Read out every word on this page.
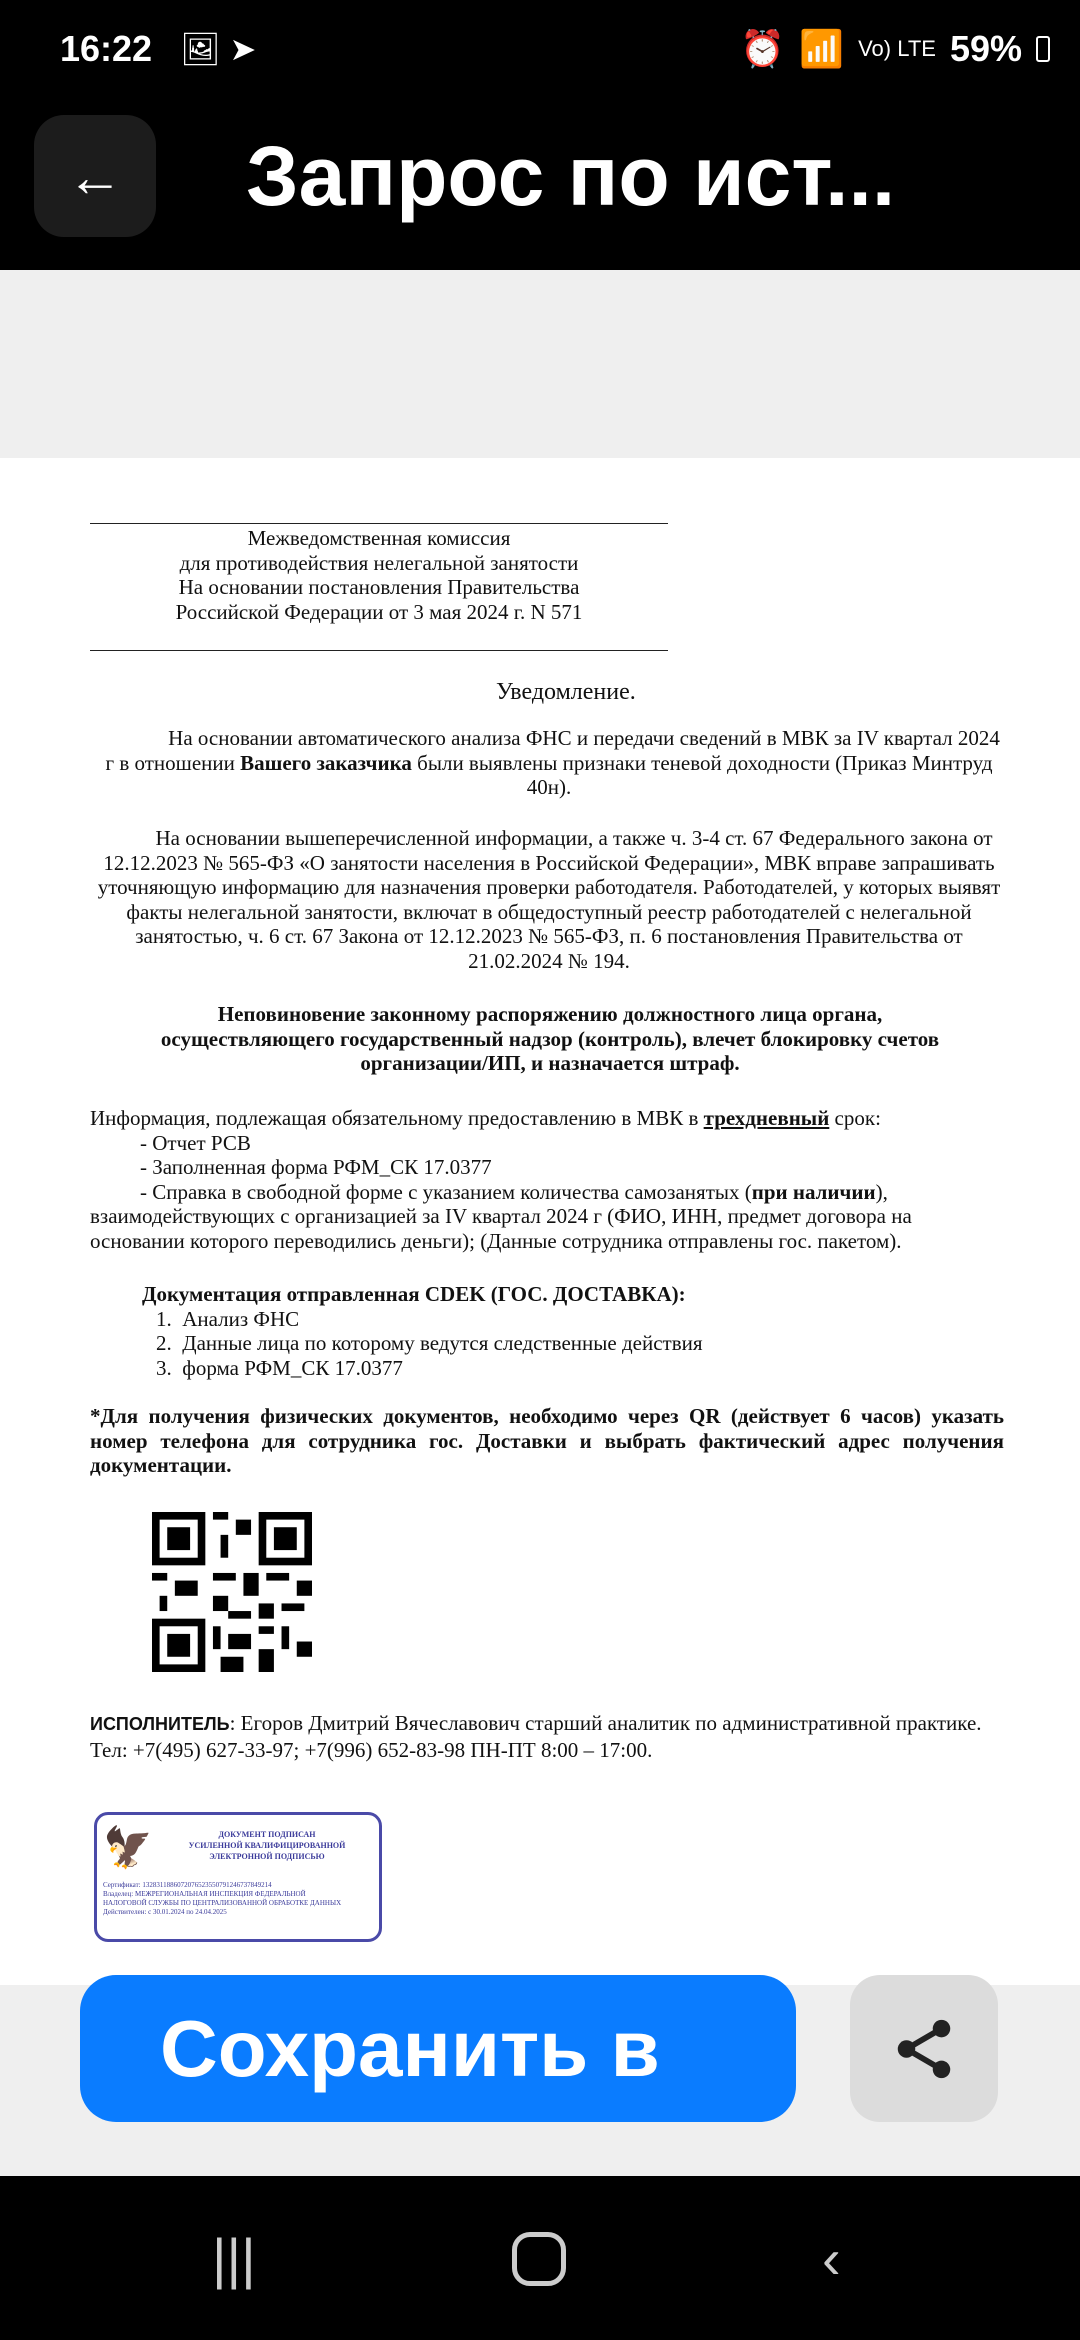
16:22 🖼 ➤	⏰ 📶 Vo) LTE 59%
← Запрос по ист...
Межведомственная комиссия
для противодействия нелегальной занятости
На основании постановления Правительства
Российской Федерации от 3 мая 2024 г. N 571
Уведомление.
На основании автоматического анализа ФНС и передачи сведений в МВК за IV квартал 2024 г в отношении Вашего заказчика были выявлены признаки теневой доходности (Приказ Минтруд 40н).
На основании вышеперечисленной информации, а также ч. 3-4 ст. 67 Федерального закона от 12.12.2023 № 565-ФЗ «О занятости населения в Российской Федерации», МВК вправе запрашивать уточняющую информацию для назначения проверки работодателя. Работодателей, у которых выявят факты нелегальной занятости, включат в общедоступный реестр работодателей с нелегальной занятостью, ч. 6 ст. 67 Закона от 12.12.2023 № 565-ФЗ, п. 6 постановления Правительства от 21.02.2024 № 194.
Неповиновение законному распоряжению должностного лица органа, осуществляющего государственный надзор (контроль), влечет блокировку счетов организации/ИП, и назначается штраф.
Информация, подлежащая обязательному предоставлению в МВК в трехдневный срок:
- Отчет РСВ
- Заполненная форма РФМ_СК 17.0377
- Справка в свободной форме с указанием количества самозанятых (при наличии), взаимодействующих с организацией за IV квартал 2024 г (ФИО, ИНН, предмет договора на основании которого переводились деньги); (Данные сотрудника отправлены гос. пакетом).
Документация отправленная CDEK (ГОС. ДОСТАВКА):
1.  Анализ ФНС
2.  Данные лица по которому ведутся следственные действия
3.  форма РФМ_СК 17.0377
*Для получения физических документов, необходимо через QR (действует 6 часов) указать номер телефона для сотрудника гос. Доставки и выбрать фактический адрес получения документации.
ИСПОЛНИТЕЛЬ: Егоров Дмитрий Вячеславович старший аналитик по административной практике.
Тел: +7(495) 627-33-97; +7(996) 652-83-98 ПН-ПТ 8:00 – 17:00.
🦅	ДОКУМЕНТ ПОДПИСАН
УСИЛЕННОЙ КВАЛИФИЦИРОВАННОЙ
ЭЛЕКТРОННОЙ ПОДПИСЬЮ
Сертификат: 1328311886072076523550791246737849214
Владелец: МЕЖРЕГИОНАЛЬНАЯ ИНСПЕКЦИЯ ФЕДЕРАЛЬНОЙ НАЛОГОВОЙ СЛУЖБЫ ПО ЦЕНТРАЛИЗОВАННОЙ ОБРАБОТКЕ ДАННЫХ
Действителен: с 30.01.2024 по 24.04.2025
Сохранить в
|||	‹
